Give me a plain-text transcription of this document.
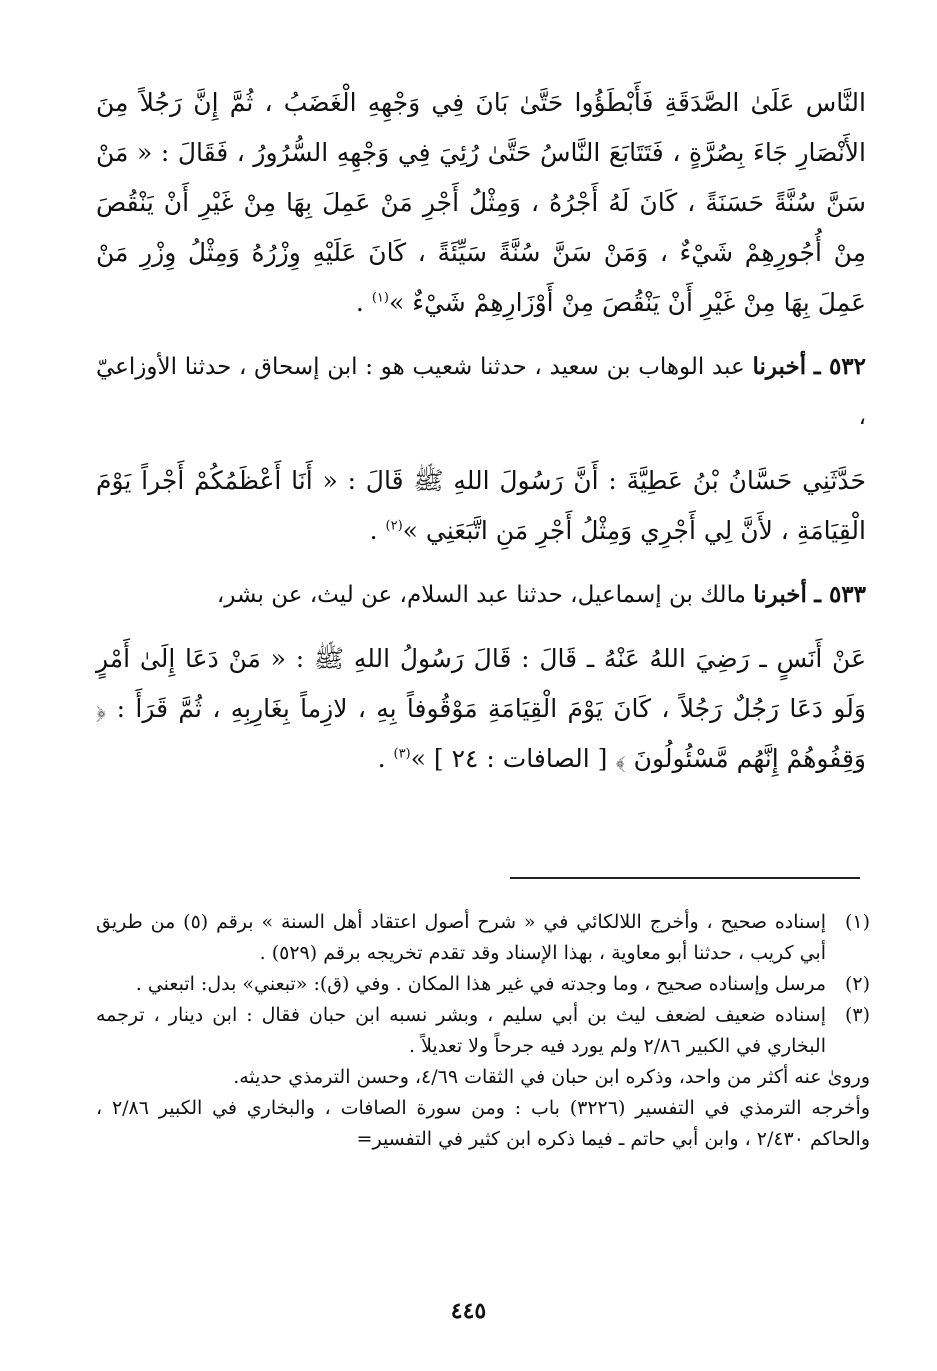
النَّاس عَلَىٰ الصَّدَقَةِ فَأَبْطَؤُوا حَتَّىٰ بَانَ فِي وَجْهِهِ الْغَضَبُ ، ثُمَّ إِنَّ رَجُلاً مِنَ الأَنْصَارِ جَاءَ بِصُرَّةٍ ، فَتَتَابَعَ النَّاسُ حَتَّىٰ رُئِيَ فِي وَجْهِهِ السُّرُورُ ، فَقَالَ : « مَنْ سَنَّ سُنَّةً حَسَنَةً ، كَانَ لَهُ أَجْرُهُ ، وَمِثْلُ أَجْرِ مَنْ عَمِلَ بِهَا مِنْ غَيْرِ أَنْ يَنْقُصَ مِنْ أُجُورِهِمْ شَيْءٌ ، وَمَنْ سَنَّ سُنَّةً سَيِّئَةً ، كَانَ عَلَيْهِ وِزْرُهُ وَمِثْلُ وِزْرِ مَنْ عَمِلَ بِهَا مِنْ غَيْرِ أَنْ يَنْقُصَ مِنْ أَوْزَارِهِمْ شَيْءٌ »$^{(١)}$ .

٥٣٢ ـ أخبرنا عبد الوهاب بن سعيد ، حدثنا شعيب هو : ابن إسحاق ، حدثنا الأوزاعيّ ،

حَدَّثَنِي حَسَّانُ بْنُ عَطِيَّةَ : أَنَّ رَسُولَ اللهِ ﷺ قَالَ : « أَنَا أَعْظَمُكُمْ أَجْراً يَوْمَ الْقِيَامَةِ ، لأَنَّ لِي أَجْرِي وَمِثْلُ أَجْرِ مَنِ اتَّبَعَنِي »$^{(٢)}$ .

٥٣٣ ـ أخبرنا مالك بن إسماعيل، حدثنا عبد السلام، عن ليث، عن بشر،

عَنْ أَنَسٍ ـ رَضِيَ اللهُ عَنْهُ ـ قَالَ : قَالَ رَسُولُ اللهِ ﷺ : « مَنْ دَعَا إِلَىٰ أَمْرٍ وَلَو دَعَا رَجُلٌ رَجُلاً ، كَانَ يَوْمَ الْقِيَامَةِ مَوْقُوفاً بِهِ ، لازِماً بِغَارِبِهِ ، ثُمَّ قَرَأَ : ﴿ وَقِفُوهُمْ إِنَّهُم مَّسْئُولُونَ ﴾ [ الصافات : ٢٤ ] »$^{(٣)}$ .

(١)
إسناده صحيح ، وأخرج اللالكائي في « شرح أصول اعتقاد أهل السنة » برقم (٥) من طريق أبي كريب ، حدثنا أبو معاوية ، بهذا الإسناد وقد تقدم تخريجه برقم (٥٢٩) .
(٢)
مرسل وإسناده صحيح ، وما وجدته في غير هذا المكان . وفي (ق): «تبعني» بدل: اتبعني .
(٣)
إسناده ضعيف لضعف ليث بن أبي سليم ، وبشر نسبه ابن حبان فقال : ابن دينار ، ترجمه البخاري في الكبير ٢/٨٦ ولم يورد فيه جرحاً ولا تعديلاً .

وروىٰ عنه أكثر من واحد، وذكره ابن حبان في الثقات ٤/٦٩، وحسن الترمذي حديثه.

وأخرجه الترمذي في التفسير (٣٢٢٦) باب : ومن سورة الصافات ، والبخاري في الكبير ٢/٨٦ ، والحاكم ٢/٤٣٠ ، وابن أبي حاتم ـ فيما ذكره ابن كثير في التفسير=

٤٤٥
